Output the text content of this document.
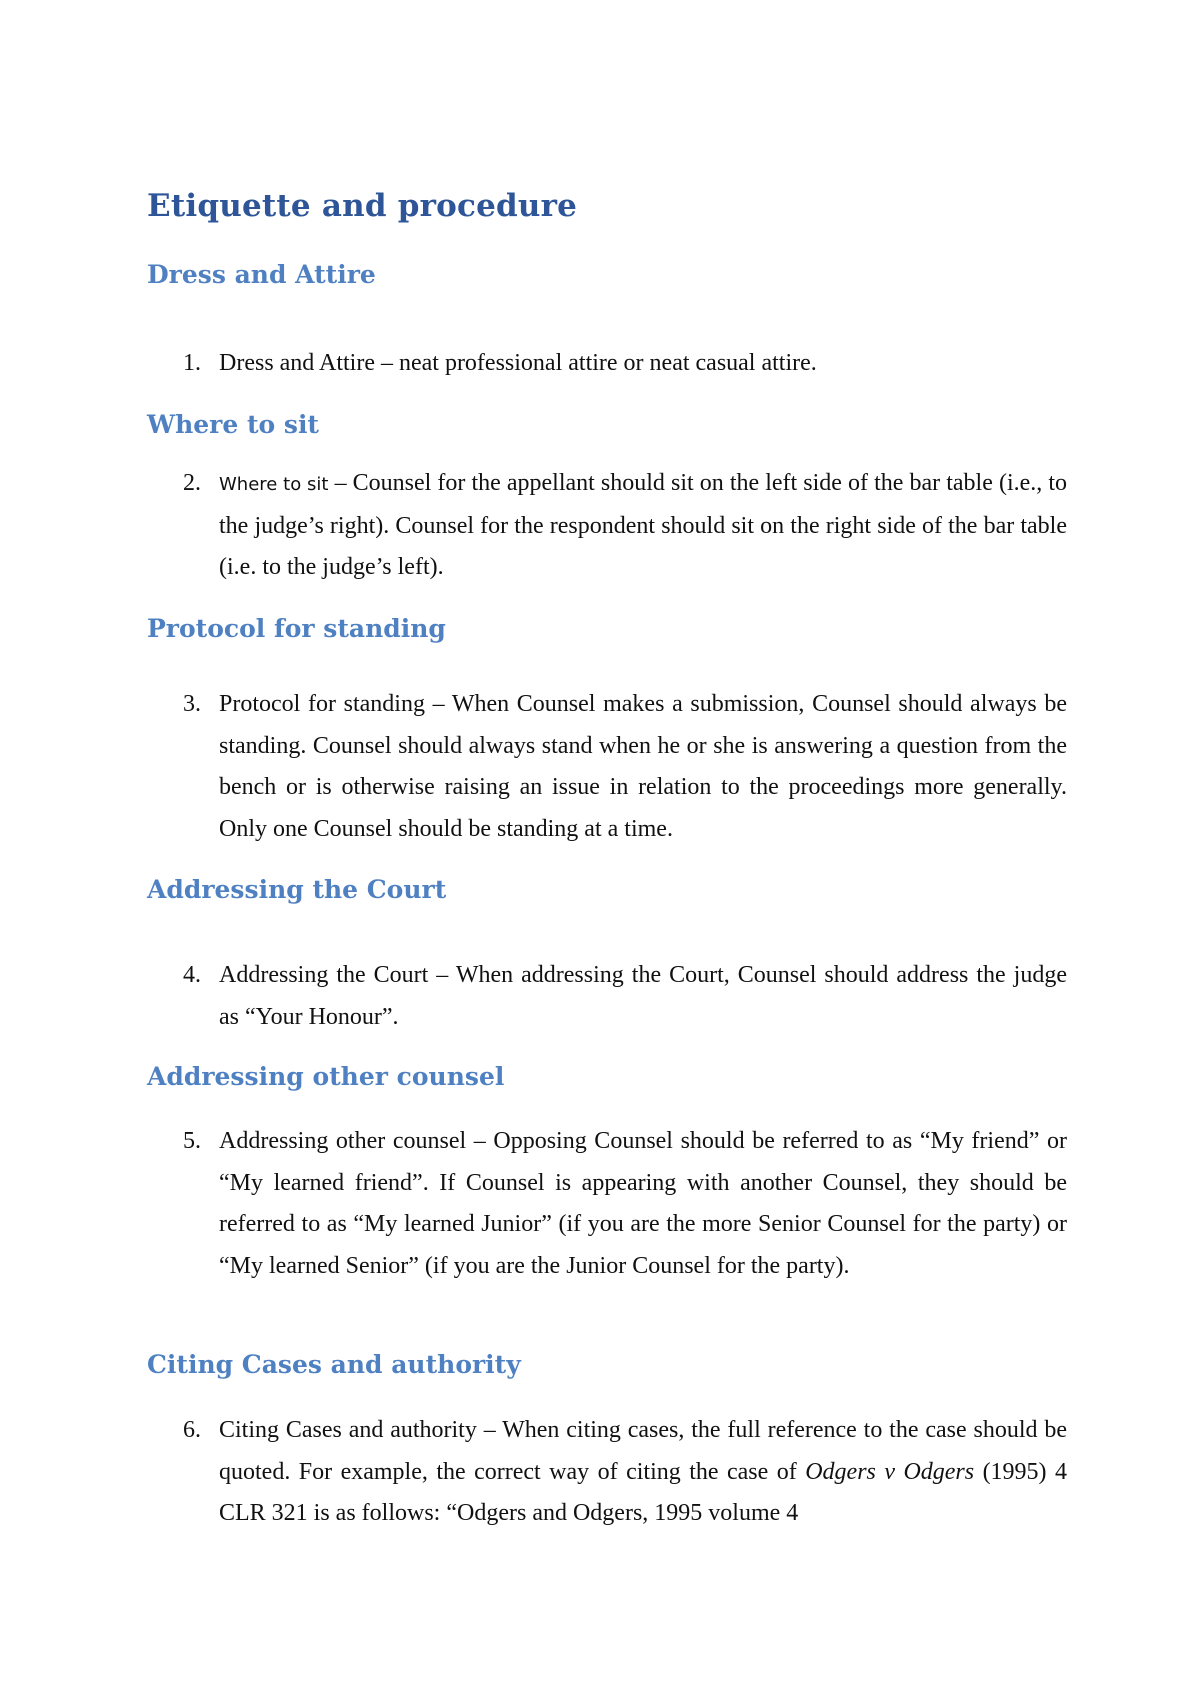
Etiquette and procedure
Dress and Attire
1. Dress and Attire – neat professional attire or neat casual attire.
Where to sit
2.	Where to sit – Counsel for the appellant should sit on the left side of the bar table (i.e., to the judge’s right). Counsel for the respondent should sit on the right side of the bar table (i.e. to the judge’s left).
Protocol for standing
3. Protocol for standing – When Counsel makes a submission, Counsel should always be standing. Counsel should always stand when he or she is answering a question from the bench or is otherwise raising an issue in relation to the proceedings more generally. Only one Counsel should be standing at a time.
Addressing the Court
4. Addressing the Court – When addressing the Court, Counsel should address the judge as “Your Honour”.
Addressing other counsel
5. Addressing other counsel – Opposing Counsel should be referred to as “My friend” or “My learned friend”. If Counsel is appearing with another Counsel, they should be referred to as “My learned Junior” (if you are the more Senior Counsel for the party) or “My learned Senior” (if you are the Junior Counsel for the party).
Citing Cases and authority
6. Citing Cases and authority – When citing cases, the full reference to the case should be quoted. For example, the correct way of citing the case of Odgers v Odgers (1995) 4 CLR 321 is as follows: “Odgers and Odgers, 1995 volume 4
